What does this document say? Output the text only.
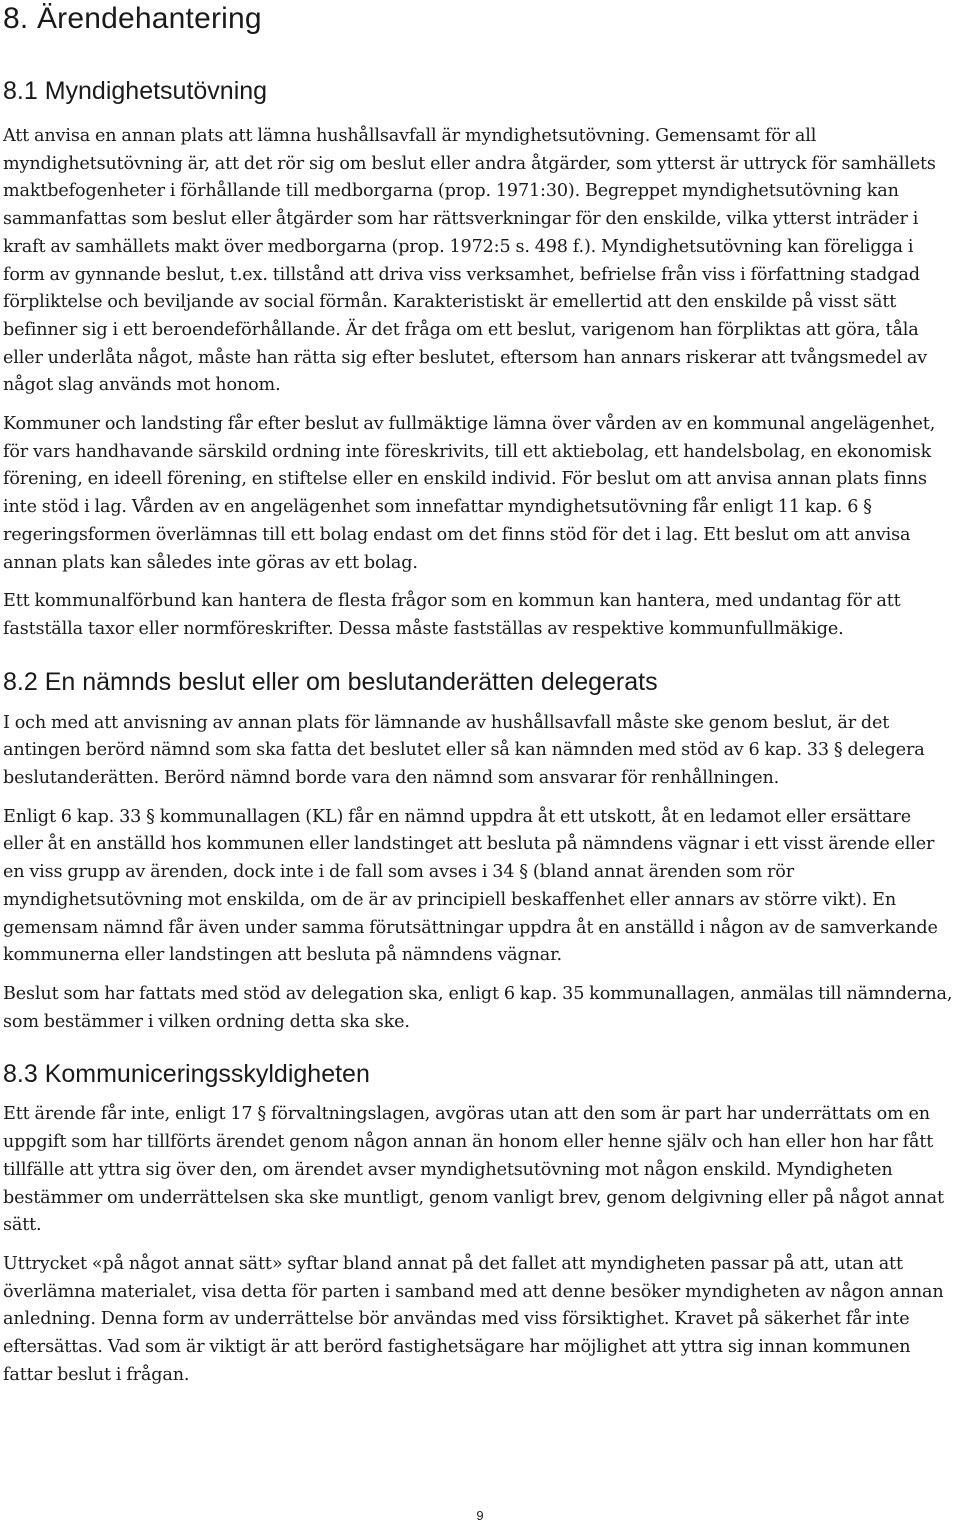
8. Ärendehantering
8.1 Myndighetsutövning

Att anvisa en annan plats att lämna hushållsavfall är myndighetsutövning. Gemensamt för all myndighetsutövning är, att det rör sig om beslut eller andra åtgärder, som ytterst är uttryck för samhällets maktbefogenheter i förhållande till medborgarna (prop. 1971:30). Begreppet myndighetsutövning kan sammanfattas som beslut eller åtgärder som har rättsverkningar för den enskilde, vilka ytterst inträder i kraft av samhällets makt över medborgarna (prop. 1972:5 s. 498 f.). Myndighetsutövning kan föreligga i form av gynnande beslut, t.ex. tillstånd att driva viss verksamhet, befrielse från viss i författning stadgad förpliktelse och beviljande av social förmån. Karakteristiskt är emellertid att den enskilde på visst sätt befinner sig i ett beroendeförhållande. Är det fråga om ett beslut, varigenom han förpliktas att göra, tåla eller underlåta något, måste han rätta sig efter beslutet, eftersom han annars riskerar att tvångsmedel av något slag används mot honom.

Kommuner och landsting får efter beslut av fullmäktige lämna över vården av en kommunal angelägenhet, för vars handhavande särskild ordning inte föreskrivits, till ett aktiebolag, ett handelsbolag, en ekonomisk förening, en ideell förening, en stiftelse eller en enskild individ. För beslut om att anvisa annan plats finns inte stöd i lag. Vården av en angelägenhet som innefattar myndighetsutövning får enligt 11 kap. 6 § regeringsformen överlämnas till ett bolag endast om det finns stöd för det i lag. Ett beslut om att anvisa annan plats kan således inte göras av ett bolag.

Ett kommunalförbund kan hantera de flesta frågor som en kommun kan hantera, med undantag för att fastställa taxor eller normföreskrifter. Dessa måste fastställas av respektive kommunfullmäkige.

8.2 En nämnds beslut eller om beslutanderätten delegerats

I och med att anvisning av annan plats för lämnande av hushållsavfall måste ske genom beslut, är det antingen berörd nämnd som ska fatta det beslutet eller så kan nämnden med stöd av 6 kap. 33 § delegera beslutanderätten. Berörd nämnd borde vara den nämnd som ansvarar för renhållningen.

Enligt 6 kap. 33 § kommunallagen (KL) får en nämnd uppdra åt ett utskott, åt en ledamot eller ersättare eller åt en anställd hos kommunen eller landstinget att besluta på nämndens vägnar i ett visst ärende eller en viss grupp av ärenden, dock inte i de fall som avses i 34 § (bland annat ärenden som rör myndighetsutövning mot enskilda, om de är av principiell beskaffenhet eller annars av större vikt). En gemensam nämnd får även under samma förutsättningar uppdra åt en anställd i någon av de samverkande kommunerna eller landstingen att besluta på nämndens vägnar.

Beslut som har fattats med stöd av delegation ska, enligt 6 kap. 35 kommunallagen, anmälas till nämnderna, som bestämmer i vilken ordning detta ska ske.

8.3 Kommuniceringsskyldigheten

Ett ärende får inte, enligt 17 § förvaltningslagen, avgöras utan att den som är part har underrättats om en uppgift som har tillförts ärendet genom någon annan än honom eller henne själv och han eller hon har fått tillfälle att yttra sig över den, om ärendet avser myndighetsutövning mot någon enskild. Myndigheten bestämmer om underrättelsen ska ske muntligt, genom vanligt brev, genom delgivning eller på något annat sätt.

Uttrycket «på något annat sätt» syftar bland annat på det fallet att myndigheten passar på att, utan att överlämna materialet, visa detta för parten i samband med att denne besöker myndigheten av någon annan anledning. Denna form av underrättelse bör användas med viss försiktighet. Kravet på säkerhet får inte eftersättas. Vad som är viktigt är att berörd fastighetsägare har möjlighet att yttra sig innan kommunen fattar beslut i frågan.

9
